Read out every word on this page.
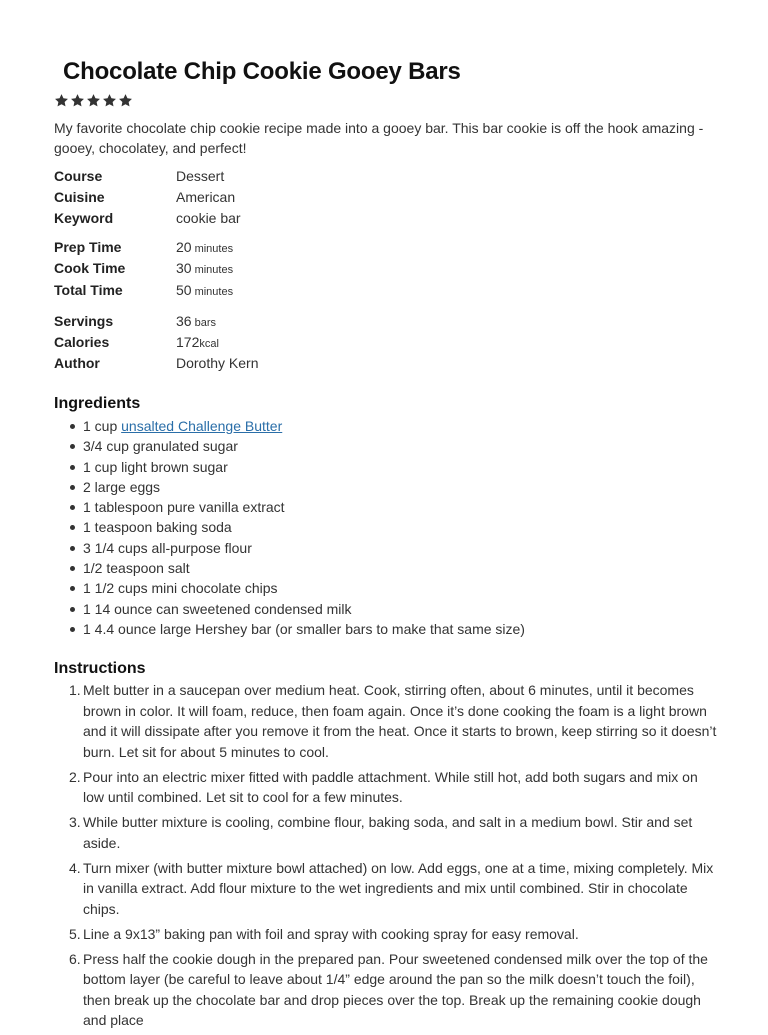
Chocolate Chip Cookie Gooey Bars

My favorite chocolate chip cookie recipe made into a gooey bar. This bar cookie is off the hook amazing - gooey, chocolatey, and perfect!

Course	Dessert
Cuisine	American
Keyword	cookie bar
Prep Time	20 minutes
Cook Time	30 minutes
Total Time	50 minutes
Servings	36 bars
Calories	172kcal
Author	Dorothy Kern
Ingredients
1 cup unsalted Challenge Butter
3/4 cup granulated sugar
1 cup light brown sugar
2 large eggs
1 tablespoon pure vanilla extract
1 teaspoon baking soda
3 1/4 cups all-purpose flour
1/2 teaspoon salt
1 1/2 cups mini chocolate chips
1 14 ounce can sweetened condensed milk
1 4.4 ounce large Hershey bar (or smaller bars to make that same size)
Instructions
1. Melt butter in a saucepan over medium heat. Cook, stirring often, about 6 minutes, until it becomes brown in color. It will foam, reduce, then foam again. Once it’s done cooking the foam is a light brown and it will dissipate after you remove it from the heat. Once it starts to brown, keep stirring so it doesn’t burn. Let sit for about 5 minutes to cool.
2. Pour into an electric mixer fitted with paddle attachment. While still hot, add both sugars and mix on low until combined. Let sit to cool for a few minutes.
3. While butter mixture is cooling, combine flour, baking soda, and salt in a medium bowl. Stir and set aside.
4. Turn mixer (with butter mixture bowl attached) on low. Add eggs, one at a time, mixing completely. Mix in vanilla extract. Add flour mixture to the wet ingredients and mix until combined. Stir in chocolate chips.
5. Line a 9x13” baking pan with foil and spray with cooking spray for easy removal.
6. Press half the cookie dough in the prepared pan. Pour sweetened condensed milk over the top of the bottom layer (be careful to leave about 1/4” edge around the pan so the milk doesn’t touch the foil), then break up the chocolate bar and drop pieces over the top. Break up the remaining cookie dough and place
